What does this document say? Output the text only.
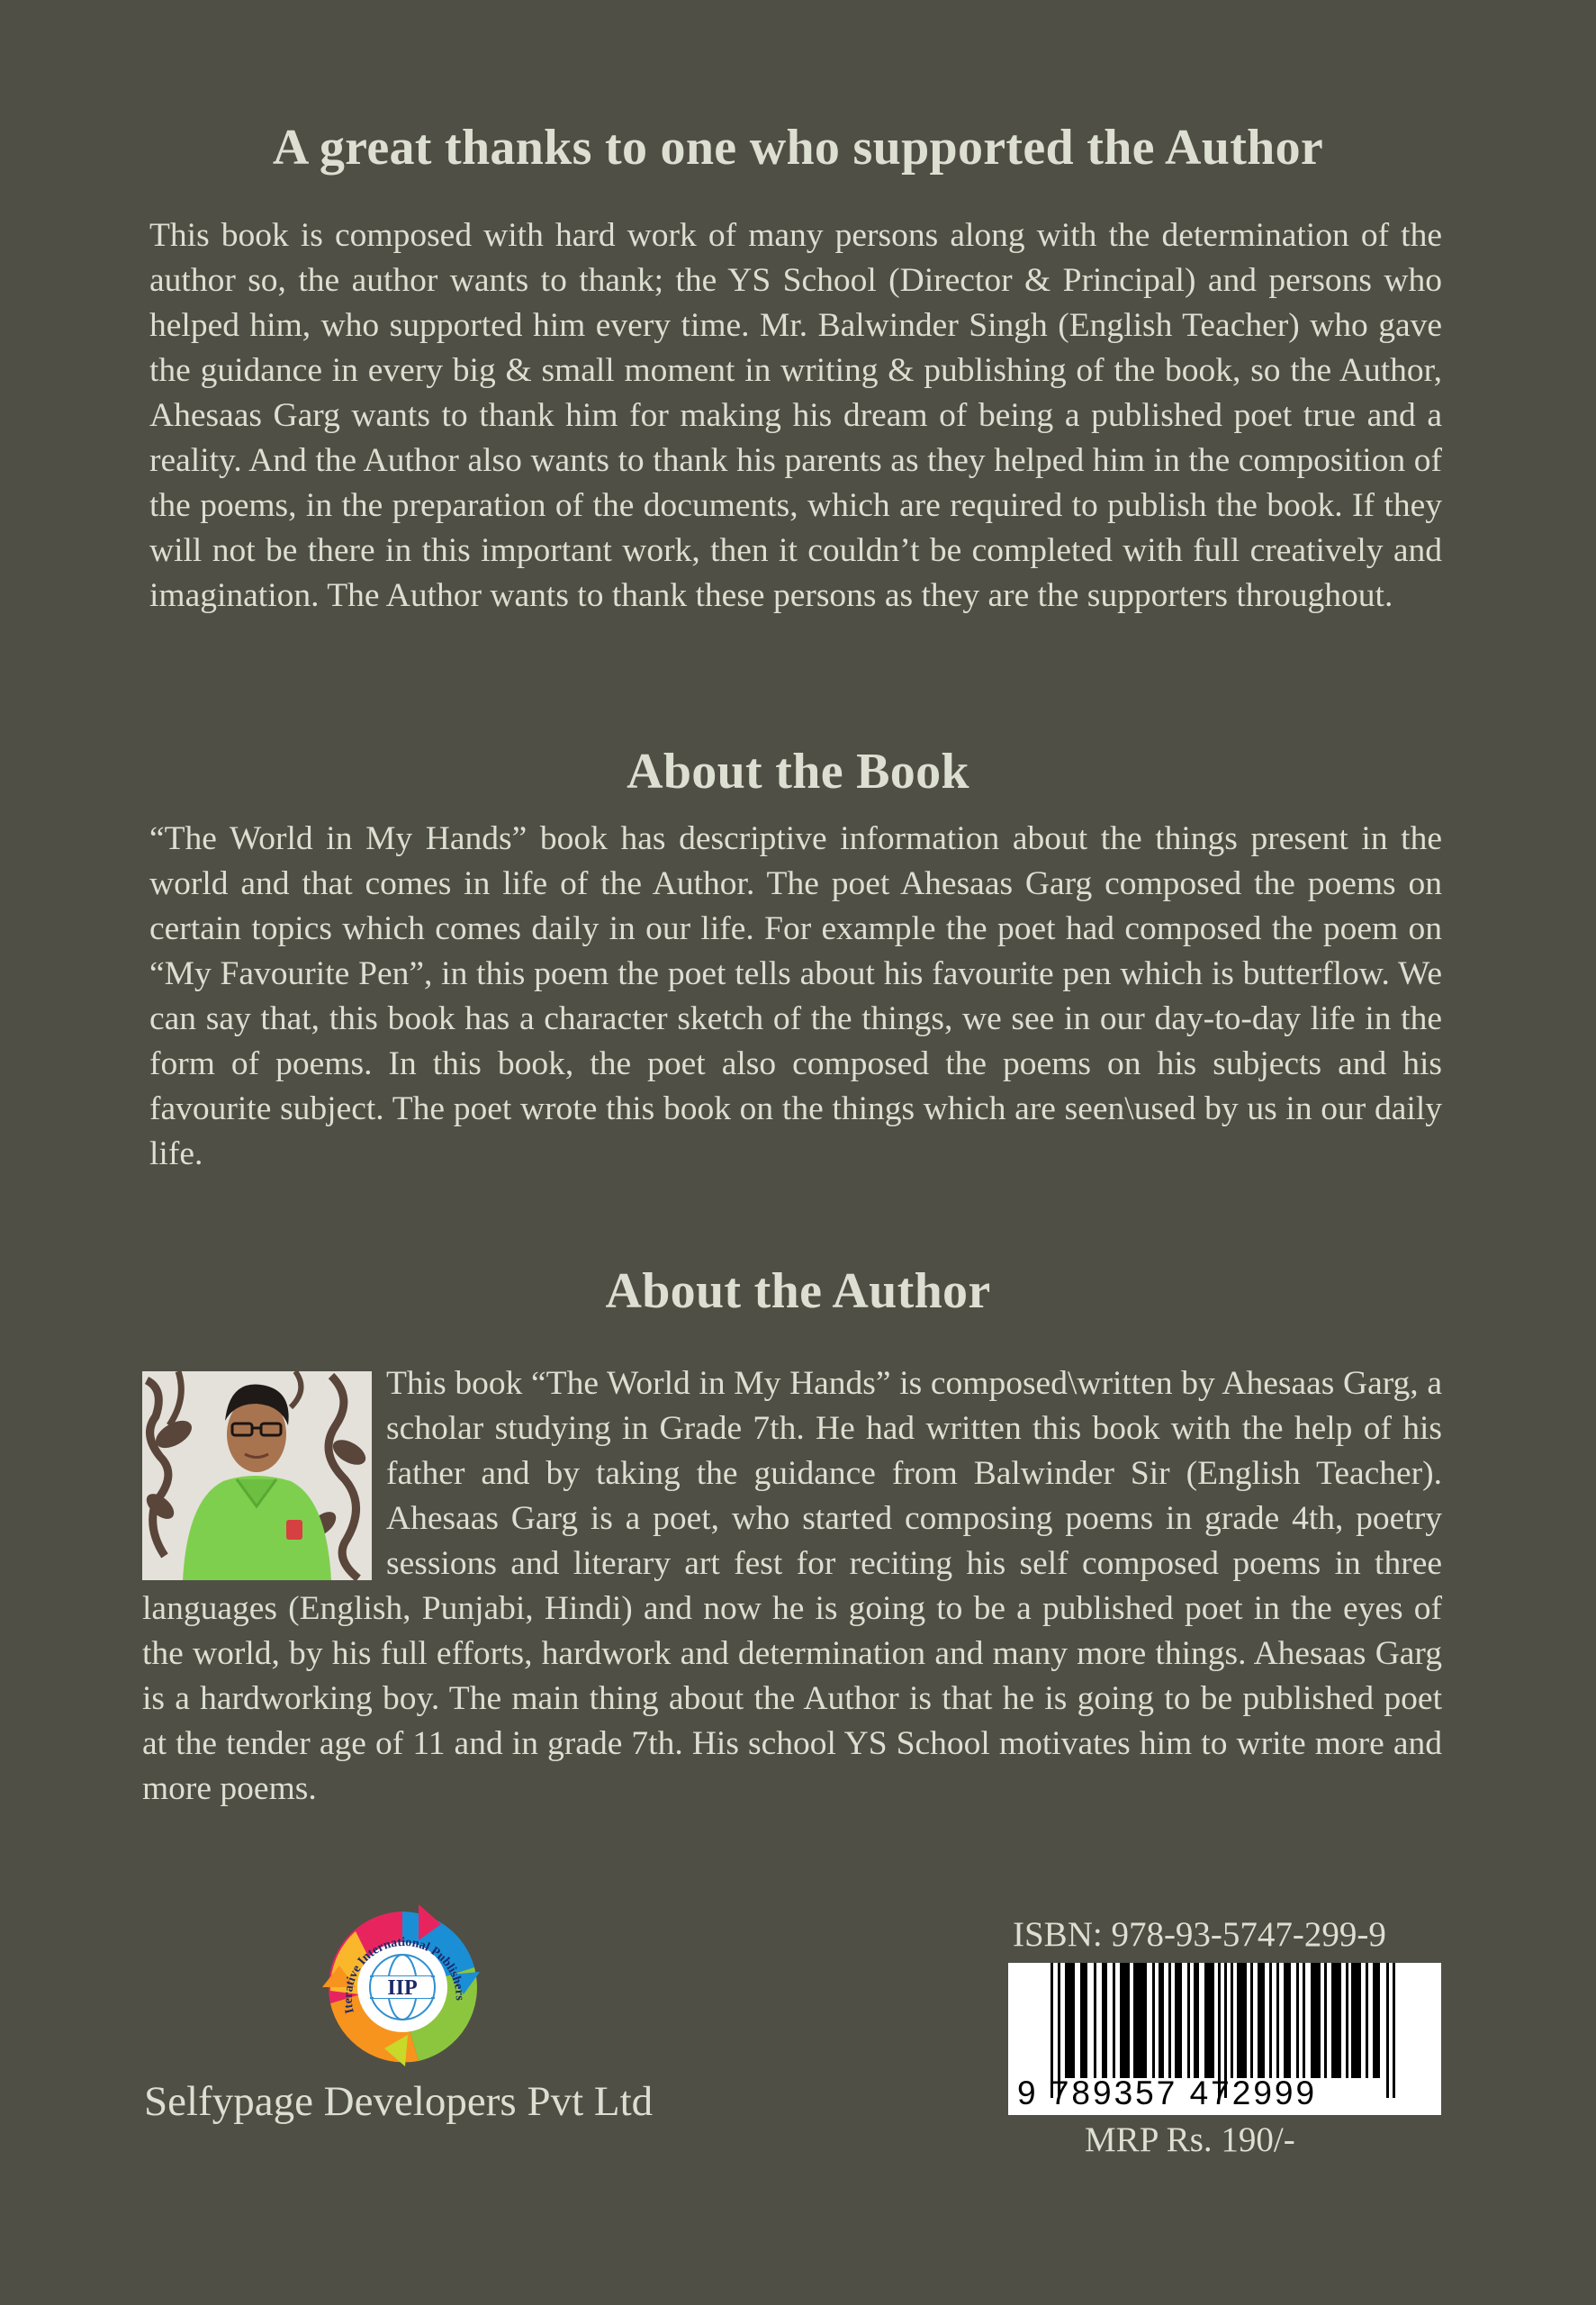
A great thanks to one who supported the Author

This book is composed with hard work of many persons along with the determination of the author so, the author wants to thank; the YS School (Director & Principal) and persons who helped him, who supported him every time. Mr. Balwinder Singh (English Teacher) who gave the guidance in every big & small moment in writing & publishing of the book, so the Author, Ahesaas Garg wants to thank him for making his dream of being a published poet true and a reality. And the Author also wants to thank his parents as they helped him in the composition of the poems, in the preparation of the documents, which are required to publish the book. If they will not be there in this important work, then it couldn’t be completed with full creatively and imagination. The Author wants to thank these persons as they are the supporters throughout.

About the Book

“The World in My Hands” book has descriptive information about the things present in the world and that comes in life of the Author. The poet Ahesaas Garg composed the poems on certain topics which comes daily in our life. For example the poet had composed the poem on “My Favourite Pen”, in this poem the poet tells about his favourite pen which is butterflow. We can say that, this book has a character sketch of the things, we see in our day-to-day life in the form of poems. In this book, the poet also composed the poems on his subjects and his favourite subject. The poet wrote this book on the things which are seen\used by us in our daily life.

About the Author
This book “The World in My Hands” is composed\written by Ahesaas Garg, a scholar studying in Grade 7th. He had written this book with the help of his father and by taking the guidance from Balwinder Sir (English Teacher). Ahesaas Garg is a poet, who started composing poems in grade 4th, poetry sessions and literary art fest for reciting his self composed poems in three languages (English, Punjabi, Hindi) and now he is going to be a published poet in the eyes of the world, by his full efforts, hardwork and determination and many more things. Ahesaas Garg is a hardworking boy. The main thing about the Author is that he is going to be published poet at the tender age of 11 and in grade 7th. His school YS School motivates him to write more and more poems.
IIP
Iterative International Publishers
Selfypage Developers Pvt Ltd
ISBN: 978-93-5747-299-9
9 789357 472999
MRP Rs. 190/-
